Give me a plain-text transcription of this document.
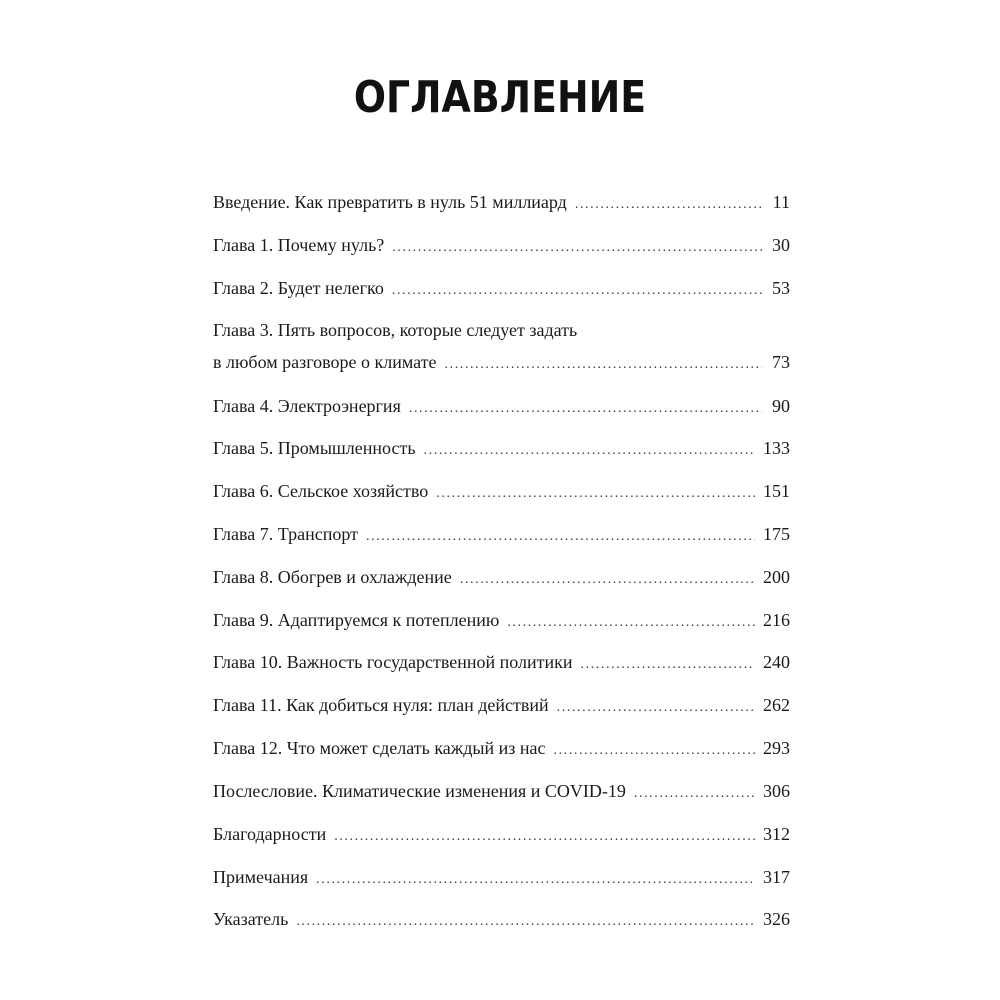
ОГЛАВЛЕНИЕ
Введение. Как превратить в нуль 51 миллиард .....	11
Глава 1. Почему нуль? .....	30
Глава 2. Будет нелегко .....	53
Глава 3. Пять вопросов, которые следует задать
в любом разговоре о климате .....	73
Глава 4. Электроэнергия .....	90
Глава 5. Промышленность .....	133
Глава 6. Сельское хозяйство .....	151
Глава 7. Транспорт .....	175
Глава 8. Обогрев и охлаждение .....	200
Глава 9. Адаптируемся к потеплению .....	216
Глава 10. Важность государственной политики .....	240
Глава 11. Как добиться нуля: план действий .....	262
Глава 12. Что может сделать каждый из нас .....	293
Послесловие. Климатические изменения и COVID-19 .....	306
Благодарности .....	312
Примечания .....	317
Указатель .....	326
